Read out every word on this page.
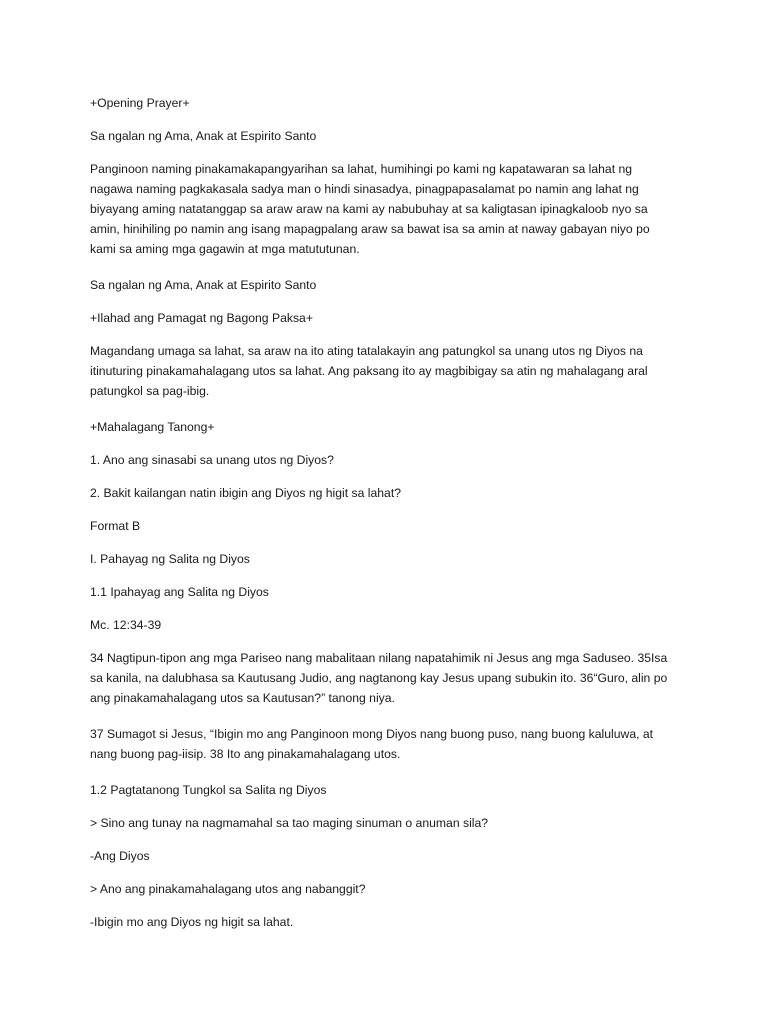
+Opening Prayer+

Sa ngalan ng Ama, Anak at Espirito Santo

Panginoon naming pinakamakapangyarihan sa lahat, humihingi po kami ng kapatawaran sa lahat ng
nagawa naming pagkakasala sadya man o hindi sinasadya, pinagpapasalamat po namin ang lahat ng
biyayang aming natatanggap sa araw araw na kami ay nabubuhay at sa kaligtasan ipinagkaloob nyo sa
amin, hinihiling po namin ang isang mapagpalang araw sa bawat isa sa amin at naway gabayan niyo po
kami sa aming mga gagawin at mga matututunan.

Sa ngalan ng Ama, Anak at Espirito Santo

+Ilahad ang Pamagat ng Bagong Paksa+

Magandang umaga sa lahat, sa araw na ito ating tatalakayin ang patungkol sa unang utos ng Diyos na
itinuturing pinakamahalagang utos sa lahat. Ang paksang ito ay magbibigay sa atin ng mahalagang aral
patungkol sa pag-ibig.

+Mahalagang Tanong+

1. Ano ang sinasabi sa unang utos ng Diyos?

2. Bakit kailangan natin ibigin ang Diyos ng higit sa lahat?

Format B

I. Pahayag ng Salita ng Diyos

1.1 Ipahayag ang Salita ng Diyos

Mc. 12:34-39

34 Nagtipun-tipon ang mga Pariseo nang mabalitaan nilang napatahimik ni Jesus ang mga Saduseo. 35Isa
sa kanila, na dalubhasa sa Kautusang Judio, ang nagtanong kay Jesus upang subukin ito. 36“Guro, alin po
ang pinakamahalagang utos sa Kautusan?” tanong niya.

37 Sumagot si Jesus, “Ibigin mo ang Panginoon mong Diyos nang buong puso, nang buong kaluluwa, at
nang buong pag-iisip. 38 Ito ang pinakamahalagang utos.

1.2 Pagtatanong Tungkol sa Salita ng Diyos

> Sino ang tunay na nagmamahal sa tao maging sinuman o anuman sila?

-Ang Diyos

> Ano ang pinakamahalagang utos ang nabanggit?

-Ibigin mo ang Diyos ng higit sa lahat.
